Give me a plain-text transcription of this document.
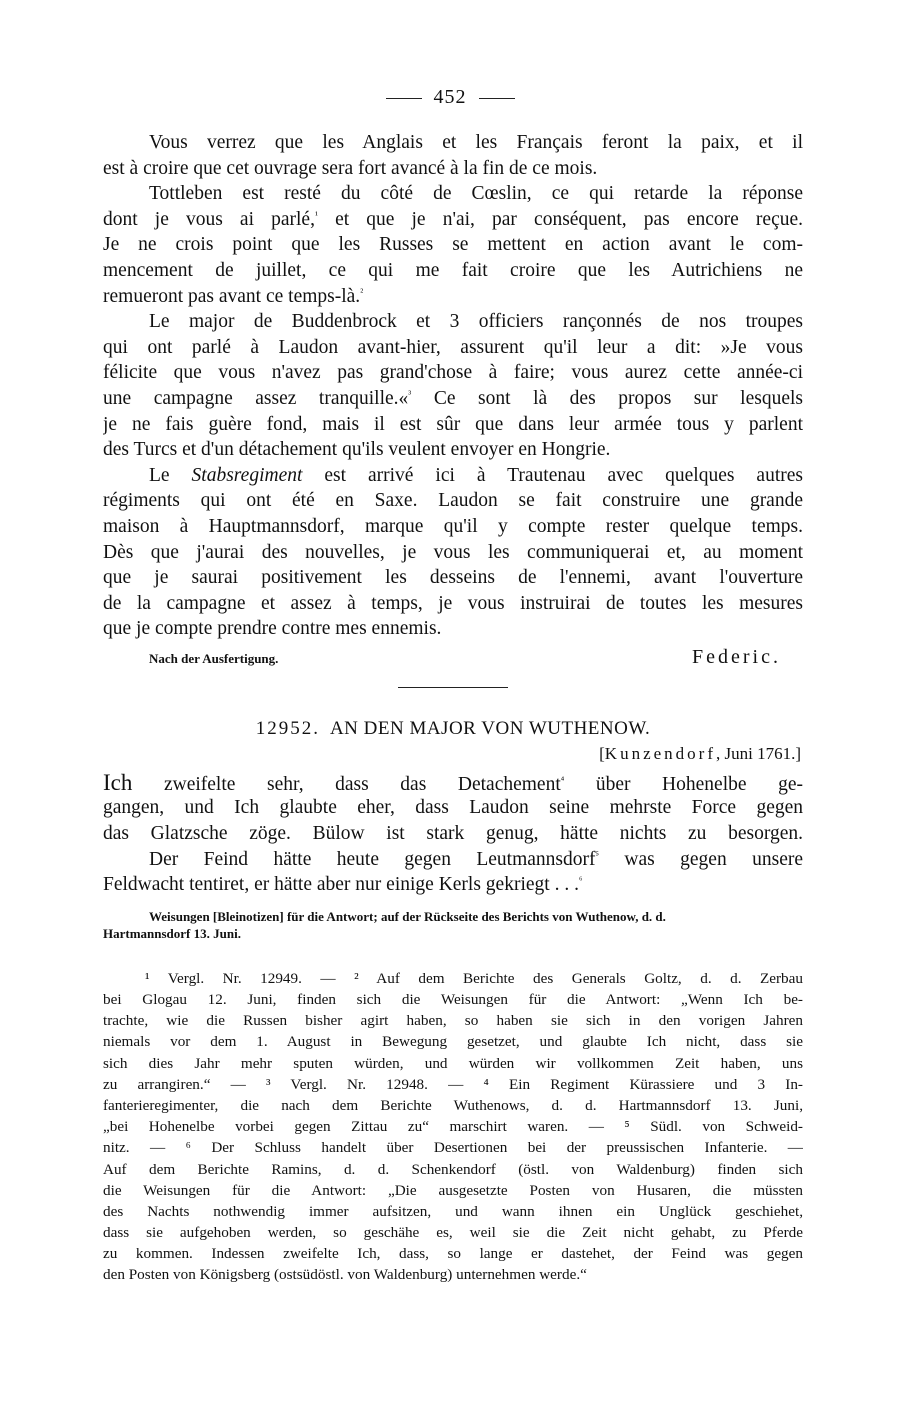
452
Vous verrez que les Anglais et les Français feront la paix, et il
est à croire que cet ouvrage sera fort avancé à la fin de ce mois.
Tottleben est resté du côté de Cœslin, ce qui retarde la réponse
dont je vous ai parlé,$^{^1}$ et que je n'ai, par conséquent, pas encore reçue.
Je ne crois point que les Russes se mettent en action avant le com-
mencement de juillet, ce qui me fait croire que les Autrichiens ne
remueront pas avant ce temps-là.$^{^2}$
Le major de Buddenbrock et 3 officiers rançonnés de nos troupes
qui ont parlé à Laudon avant-hier, assurent qu'il leur a dit: »Je vous
félicite que vous n'avez pas grand'chose à faire; vous aurez cette année-ci
une campagne assez tranquille.«$^{^3}$ Ce sont là des propos sur lesquels
je ne fais guère fond, mais il est sûr que dans leur armée tous y parlent
des Turcs et d'un détachement qu'ils veulent envoyer en Hongrie.
Le Stabsregiment est arrivé ici à Trautenau avec quelques autres
régiments qui ont été en Saxe. Laudon se fait construire une grande
maison à Hauptmannsdorf, marque qu'il y compte rester quelque temps.
Dès que j'aurai des nouvelles, je vous les communiquerai et, au moment
que je saurai positivement les desseins de l'ennemi, avant l'ouverture
de la campagne et assez à temps, je vous instruirai de toutes les mesures
que je compte prendre contre mes ennemis.
Nach der Ausfertigung.	Federic.
12952. AN DEN MAJOR VON WUTHENOW.
[Kunzendorf, Juni 1761.]
Ich zweifelte sehr, dass das Detachement$^{^4}$ über Hohenelbe ge-
gangen, und Ich glaubte eher, dass Laudon seine mehrste Force gegen
das Glatzsche zöge. Bülow ist stark genug, hätte nichts zu besorgen.
Der Feind hätte heute gegen Leutmannsdorf$^{^5}$ was gegen unsere
Feldwacht tentiret, er hätte aber nur einige Kerls gekriegt . . .$^{^6}$
Weisungen [Bleinotizen] für die Antwort; auf der Rückseite des Berichts von Wuthenow, d. d.
Hartmannsdorf 13. Juni.
¹ Vergl. Nr. 12949. — ² Auf dem Berichte des Generals Goltz, d. d. Zerbau
bei Glogau 12. Juni, finden sich die Weisungen für die Antwort: „Wenn Ich be-
trachte, wie die Russen bisher agirt haben, so haben sie sich in den vorigen Jahren
niemals vor dem 1. August in Bewegung gesetzet, und glaubte Ich nicht, dass sie
sich dies Jahr mehr sputen würden, und würden wir vollkommen Zeit haben, uns
zu arrangiren.“ — ³ Vergl. Nr. 12948. — ⁴ Ein Regiment Kürassiere und 3 In-
fanterieregimenter, die nach dem Berichte Wuthenows, d. d. Hartmannsdorf 13. Juni,
„bei Hohenelbe vorbei gegen Zittau zu“ marschirt waren. — ⁵ Südl. von Schweid-
nitz. — ⁶ Der Schluss handelt über Desertionen bei der preussischen Infanterie. —
Auf dem Berichte Ramins, d. d. Schenkendorf (östl. von Waldenburg) finden sich
die Weisungen für die Antwort: „Die ausgesetzte Posten von Husaren, die müssten
des Nachts nothwendig immer aufsitzen, und wann ihnen ein Unglück geschiehet,
dass sie aufgehoben werden, so geschähe es, weil sie die Zeit nicht gehabt, zu Pferde
zu kommen. Indessen zweifelte Ich, dass, so lange er dastehet, der Feind was gegen
den Posten von Königsberg (ostsüdöstl. von Waldenburg) unternehmen werde.“
